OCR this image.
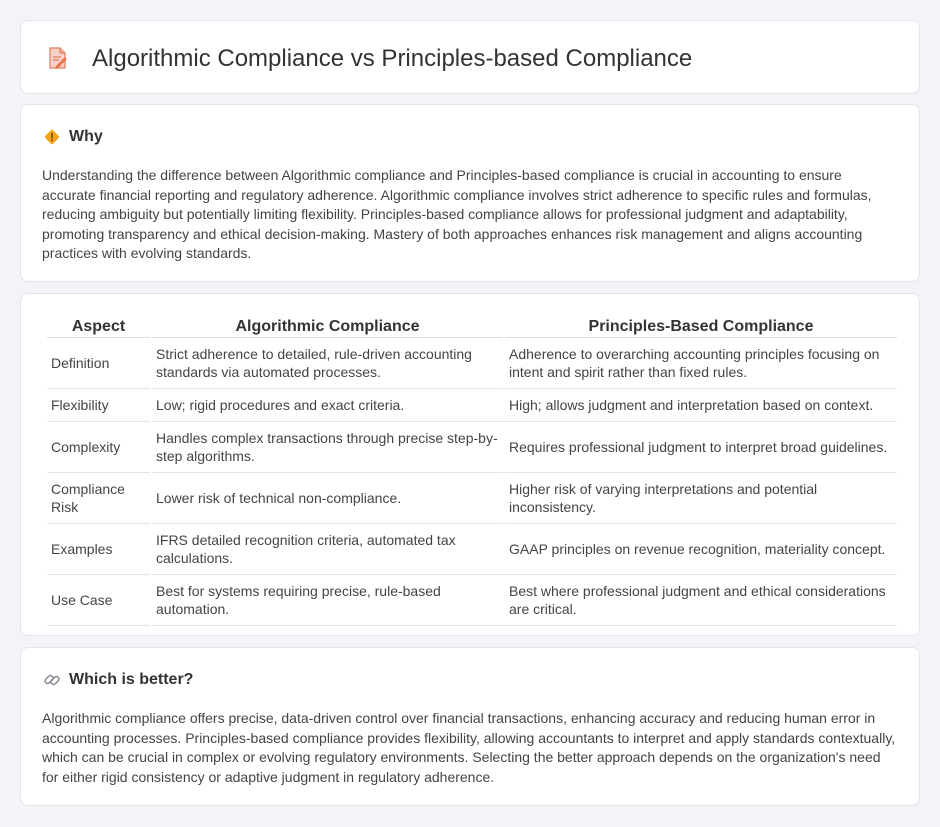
Algorithmic Compliance vs Principles-based Compliance
Why

Understanding the difference between Algorithmic compliance and Principles-based compliance is crucial in accounting to ensure accurate financial reporting and regulatory adherence. Algorithmic compliance involves strict adherence to specific rules and formulas, reducing ambiguity but potentially limiting flexibility. Principles-based compliance allows for professional judgment and adaptability, promoting transparency and ethical decision-making. Mastery of both approaches enhances risk management and aligns accounting practices with evolving standards.

Aspect	Algorithmic Compliance	Principles-Based Compliance
Definition	Strict adherence to detailed, rule-driven accounting standards via automated processes.	Adherence to overarching accounting principles focusing on intent and spirit rather than fixed rules.
Flexibility	Low; rigid procedures and exact criteria.	High; allows judgment and interpretation based on context.
Complexity	Handles complex transactions through precise step-by-step algorithms.	Requires professional judgment to interpret broad guidelines.
Compliance Risk	Lower risk of technical non-compliance.	Higher risk of varying interpretations and potential inconsistency.
Examples	IFRS detailed recognition criteria, automated tax calculations.	GAAP principles on revenue recognition, materiality concept.
Use Case	Best for systems requiring precise, rule-based automation.	Best where professional judgment and ethical considerations are critical.
Which is better?

Algorithmic compliance offers precise, data-driven control over financial transactions, enhancing accuracy and reducing human error in accounting processes. Principles-based compliance provides flexibility, allowing accountants to interpret and apply standards contextually, which can be crucial in complex or evolving regulatory environments. Selecting the better approach depends on the organization's need for either rigid consistency or adaptive judgment in regulatory adherence.
